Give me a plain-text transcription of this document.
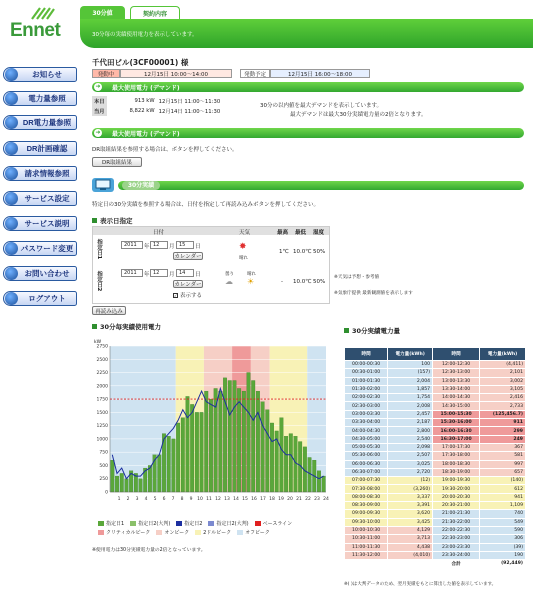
Ennet
お知らせ
電力量参照
DR電力量参照
DR計画確認
請求情報参照
サービス設定
サービス説明
パスワード変更
お問い合わせ
ログアウト
30分値	契約内容
30分毎の実績使用電力を表示しています。
千代田ビル(3CF00001) 様
発動中	12月15日 10:00～14:00	発動予定	12月15日 16:00～18:00
➜ 最大使用電力
(デマンド)
本日	913 kW	12月15日 11:00～11:30
当月	8,822 kW	12月14日 11:00～11:30
30分の以内値を最大デマンドを表示しています。
最大デマンドは最大30分実績電力量の2倍となります。
➜ 最大使用電力
(デマンド)
DR取組結果を参照する場合は、ボタンを押してください。
DR取組結果
30分実績
特定日の30分実績を参照する場合は、日付を指定して再読み込みボタンを押してください。
表示日指定
日付	天気	最高 最低 湿度
指定日1	2011	年 12	月 15	日
カレンダー
✸
晴れ
1℃ 10.0℃ 50%
指定日2	2011	年 12	月 14	日
カレンダー
✓ 表示する
☁
曇り
☀
晴れ
- 10.0℃ 50%
※天気は予想・参考値
※気象庁提供 最新観測値を表示します
再読み込み
30分毎実績使用電力
kW
0
250
500
750
1000
1250
1500
1750
2000
2250
2500
2750
1 2 3 4 5 6 7 8 9 10 11 12 13 14 15 16 17 18 19 20 21 22 23 24
指定日1	指定日2(大判)	指定日2	指定日2(大判)	ベースライン
クリティカルピーク	オンピーク	2ドルピーク	オフピーク
※使用電力は30分実績電力量の2倍となっています。
30分実績電力量
時間	電力量(kWh)	時間	電力量(kWh)
00:00-00:30	100	12:00-12:30	(4,411)
00:30-01:00	(157)	12:30-13:00	2,101
01:00-01:30	2,004	13:00-13:30	3,002
01:30-02:00	1,857	13:30-14:00	3,105
02:00-02:30	1,754	14:00-14:30	2,416
02:30-03:00	2,008	14:30-15:00	2,733
03:00-03:30	2,457	15:00-15:30	(125,456.7)
03:30-04:00	2,187	15:30-16:00	911
04:00-04:30	2,800	16:00-16:30	299
04:30-05:00	2,540	16:30-17:00	249
05:00-05:30	2,098	17:00-17:30	367
05:30-06:00	2,507	17:30-18:00	581
06:00-06:30	3,025	18:00-18:30	997
06:30-07:00	2,720	18:30-19:00	657
07:00-07:30	(12)	19:00-19:30	(140)
07:30-08:00	(3,260)	19:30-20:00	612
08:00-08:30	3,337	20:00-20:30	941
08:30-09:00	3,391	20:30-21:00	1,109
09:00-09:30	3,620	21:00-21:30	740
09:30-10:00	3,425	21:30-22:00	549
10:00-10:30	4,129	22:00-22:30	590
10:30-11:00	3,713	22:30-23:00	306
11:00-11:30	4,438	23:00-23:30	(39)
11:30-12:00	(4,010)	23:30-24:00	190
		合計	(92,449)
※( )は大判データのため、翌月実績をもとに算出した値を表示しています。
